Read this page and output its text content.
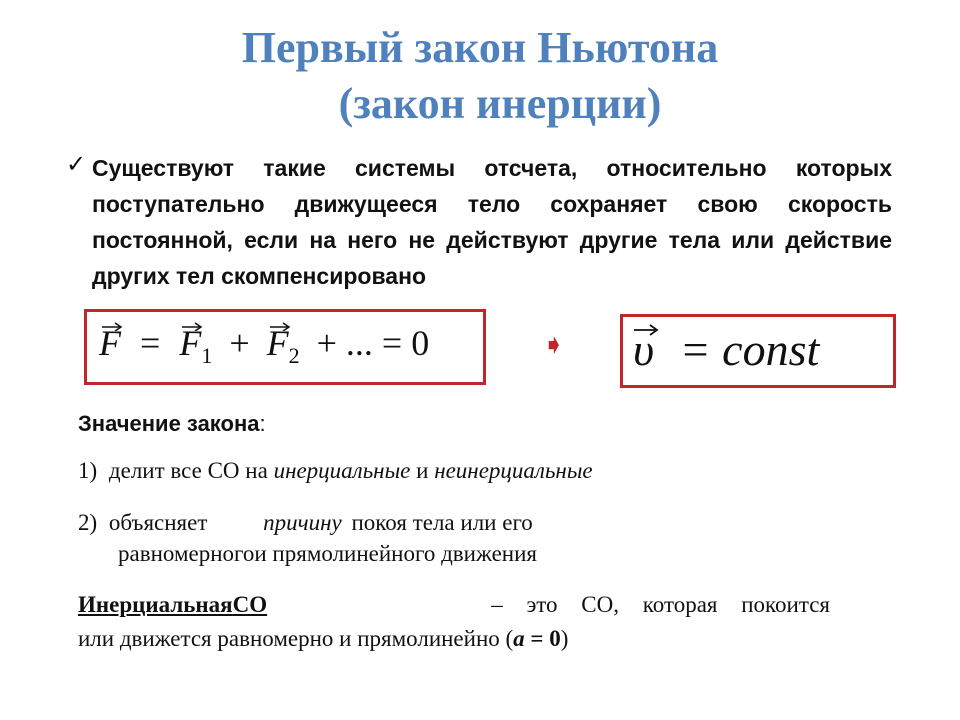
Первый закон Ньютона
(закон инерции)
✓ Существуют такие системы отсчета, относительно которых поступательно движущееся тело сохраняет свою скорость постоянной, если на него не действуют другие тела или действие других тел скомпенсировано
$F = F_1 + F_2$ + ... = 0	➧ υ = const
Значение закона:
1) делит все СО на инерциальные и неинерциальные
2) объясняет причину покоя тела или его
равномерногои прямолинейного движения
Инерциальная СО	– это СО, которая покоится
или движется равномерно и прямолинейно (а = 0)
